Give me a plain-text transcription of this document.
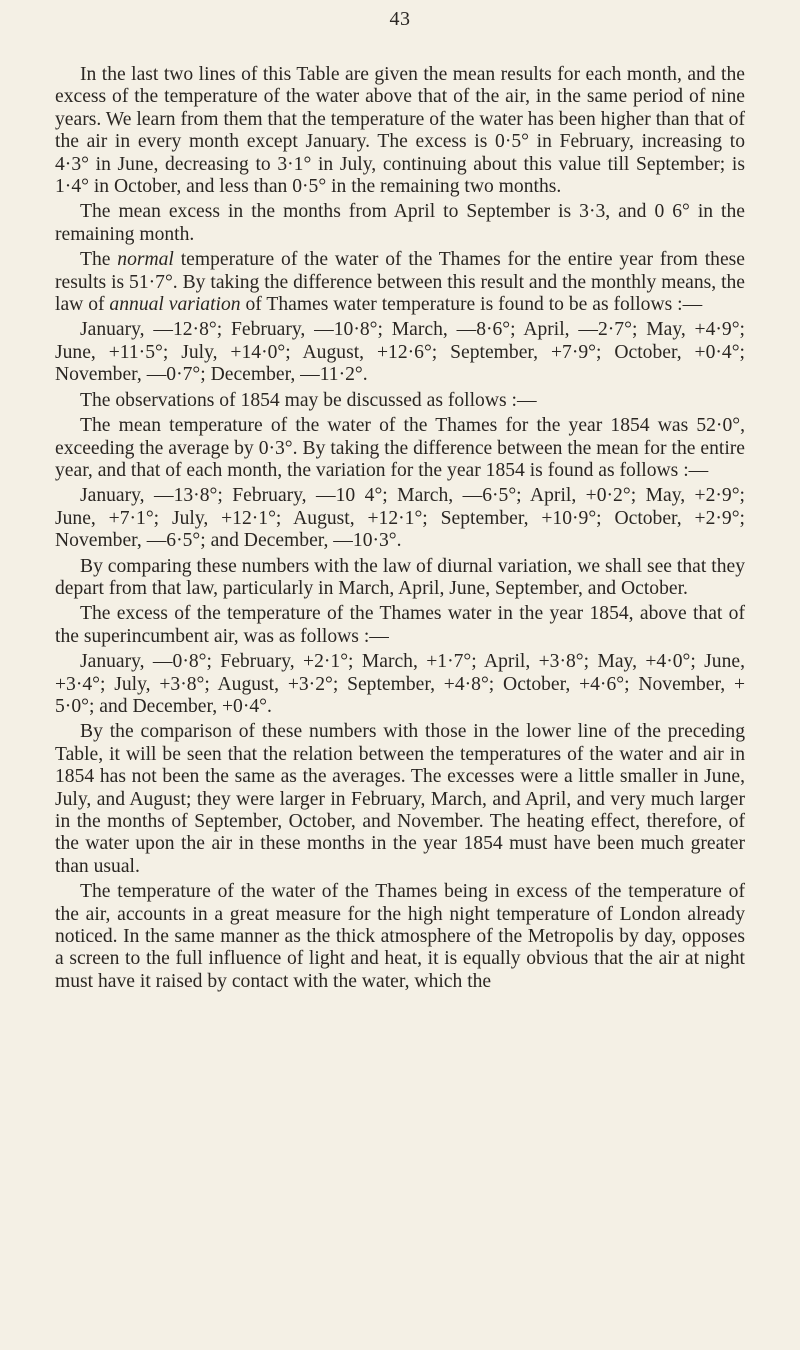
43

In the last two lines of this Table are given the mean results for each month, and the excess of the temperature of the water above that of the air, in the same period of nine years. We learn from them that the temperature of the water has been higher than that of the air in every month except January. The excess is 0·5° in February, increasing to 4·3° in June, decreasing to 3·1° in July, continuing about this value till September; is 1·4° in October, and less than 0·5° in the remaining two months.

The mean excess in the months from April to September is 3·3, and 0 6° in the remaining month.

The normal temperature of the water of the Thames for the entire year from these results is 51·7°. By taking the difference between this result and the monthly means, the law of annual variation of Thames water temperature is found to be as follows :—

January, —12·8°; February, —10·8°; March, —8·6°; April, —2·7°; May, +4·9°; June, +11·5°; July, +14·0°; August, +12·6°; September, +7·9°; October, +0·4°; November, —0·7°; December, —11·2°.

The observations of 1854 may be discussed as follows :—

The mean temperature of the water of the Thames for the year 1854 was 52·0°, exceeding the average by 0·3°. By taking the difference between the mean for the entire year, and that of each month, the variation for the year 1854 is found as follows :—

January, —13·8°; February, —10 4°; March, —6·5°; April, +0·2°; May, +2·9°; June, +7·1°; July, +12·1°; August, +12·1°; September, +10·9°; October, +2·9°; November, —6·5°; and December, —10·3°.

By comparing these numbers with the law of diurnal variation, we shall see that they depart from that law, particularly in March, April, June, September, and October.

The excess of the temperature of the Thames water in the year 1854, above that of the superincumbent air, was as follows :—

January, —0·8°; February, +2·1°; March, +1·7°; April, +3·8°; May, +4·0°; June, +3·4°; July, +3·8°; August, +3·2°; September, +4·8°; October, +4·6°; November, + 5·0°; and December, +0·4°.

By the comparison of these numbers with those in the lower line of the preceding Table, it will be seen that the relation between the temperatures of the water and air in 1854 has not been the same as the averages. The excesses were a little smaller in June, July, and August; they were larger in February, March, and April, and very much larger in the months of September, October, and November. The heating effect, therefore, of the water upon the air in these months in the year 1854 must have been much greater than usual.

The temperature of the water of the Thames being in excess of the temperature of the air, accounts in a great measure for the high night temperature of London already noticed. In the same manner as the thick atmosphere of the Metropolis by day, opposes a screen to the full influence of light and heat, it is equally obvious that the air at night must have it raised by contact with the water, which the
